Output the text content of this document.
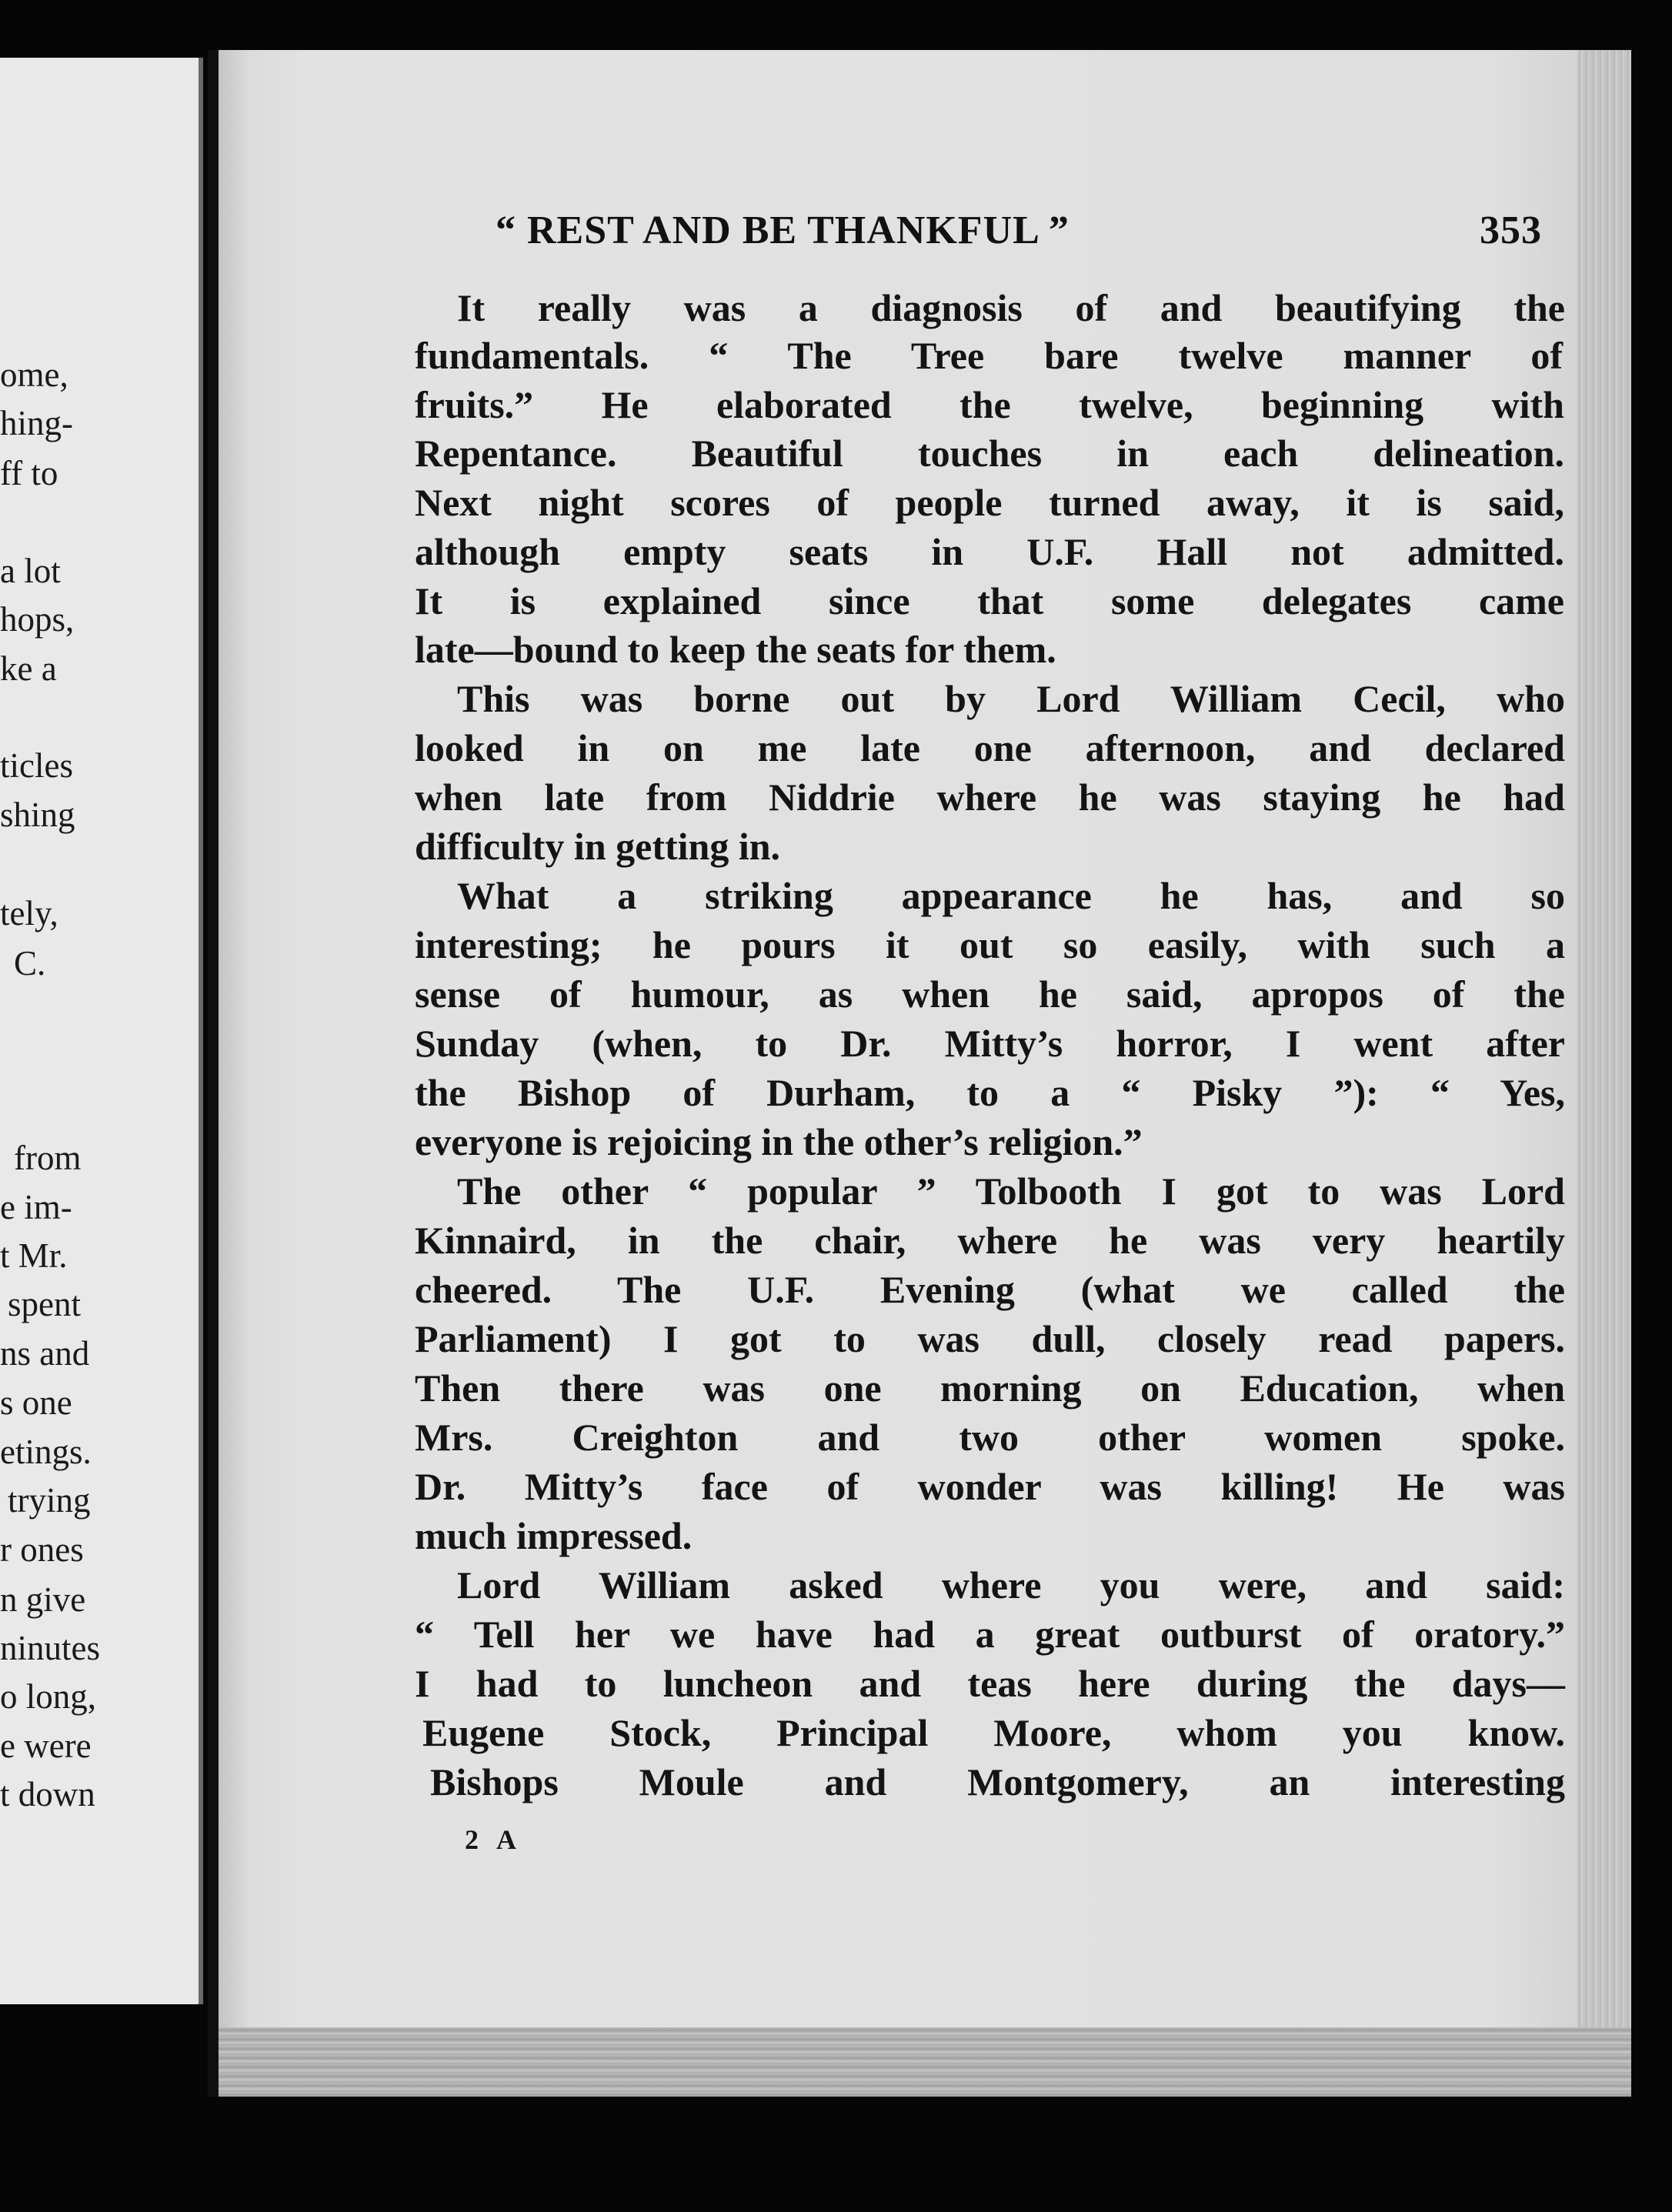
ome,
hing-
ff to
a lot
hops,
ke a
ticles
shing
tely,
C.
from
e im-
t Mr.
spent
ns and
s one
etings.
trying
r ones
n give
ninutes
o long,
e were
t down
“ REST AND BE THANKFUL ”	353
It really was a diagnosis of and beautifying the
fundamentals. “ The Tree bare twelve manner of
fruits.” He elaborated the twelve, beginning with
Repentance. Beautiful touches in each delineation.
Next night scores of people turned away, it is said,
although empty seats in U.F. Hall not admitted.
It is explained since that some delegates came
late—bound to keep the seats for them.
This was borne out by Lord William Cecil, who
looked in on me late one afternoon, and declared
when late from Niddrie where he was staying he had
difficulty in getting in.
What a striking appearance he has, and so
interesting; he pours it out so easily, with such a
sense of humour, as when he said, apropos of the
Sunday (when, to Dr. Mitty’s horror, I went after
the Bishop of Durham, to a “ Pisky ”): “ Yes,
everyone is rejoicing in the other’s religion.”
The other “ popular ” Tolbooth I got to was Lord
Kinnaird, in the chair, where he was very heartily
cheered. The U.F. Evening (what we called the
Parliament) I got to was dull, closely read papers.
Then there was one morning on Education, when
Mrs. Creighton and two other women spoke.
Dr. Mitty’s face of wonder was killing! He was
much impressed.
Lord William asked where you were, and said:
“ Tell her we have had a great outburst of oratory.”
I had to luncheon and teas here during the days—
Eugene Stock, Principal Moore, whom you know.
Bishops Moule and Montgomery, an interesting
2 A
